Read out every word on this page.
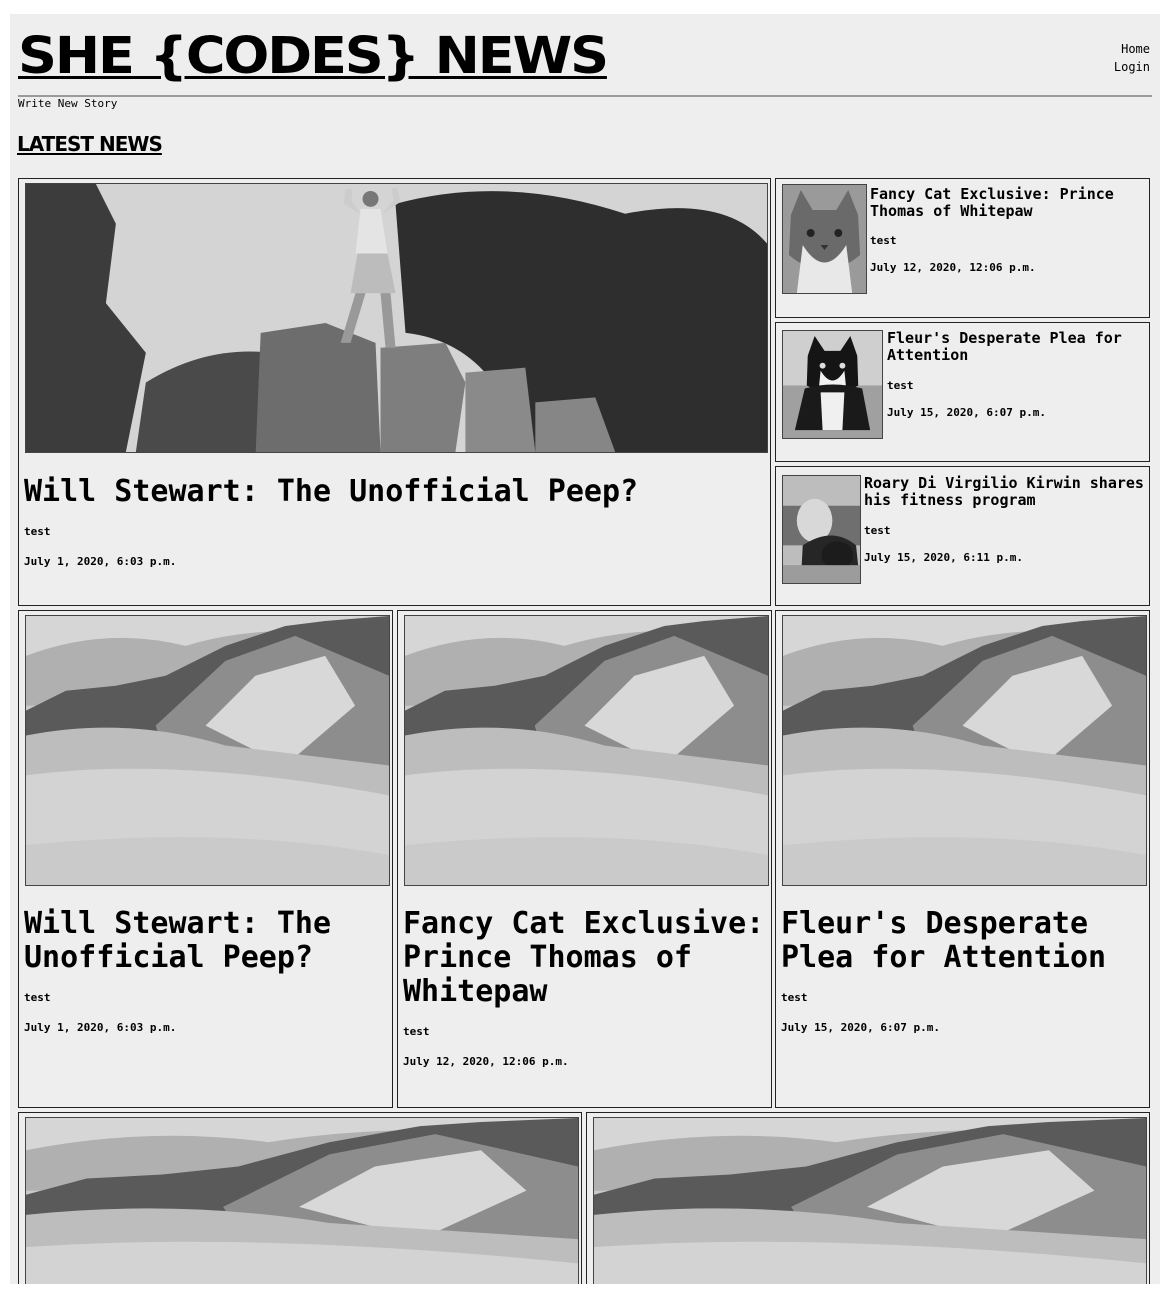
SHE {CODES} NEWS	Home
Login
Write New Story
LATEST NEWS

Will Stewart: The Unofficial Peep?

test

July 1, 2020, 6:03 p.m.

Fancy Cat Exclusive: Prince Thomas of Whitepaw

test

July 12, 2020, 12:06 p.m.

Fleur's Desperate Plea for Attention

test

July 15, 2020, 6:07 p.m.

Roary Di Virgilio Kirwin shares his fitness program

test

July 15, 2020, 6:11 p.m.

Will Stewart: The Unofficial Peep?

test

July 1, 2020, 6:03 p.m.

Fancy Cat Exclusive: Prince Thomas of Whitepaw

test

July 12, 2020, 12:06 p.m.

Fleur's Desperate Plea for Attention

test

July 15, 2020, 6:07 p.m.
